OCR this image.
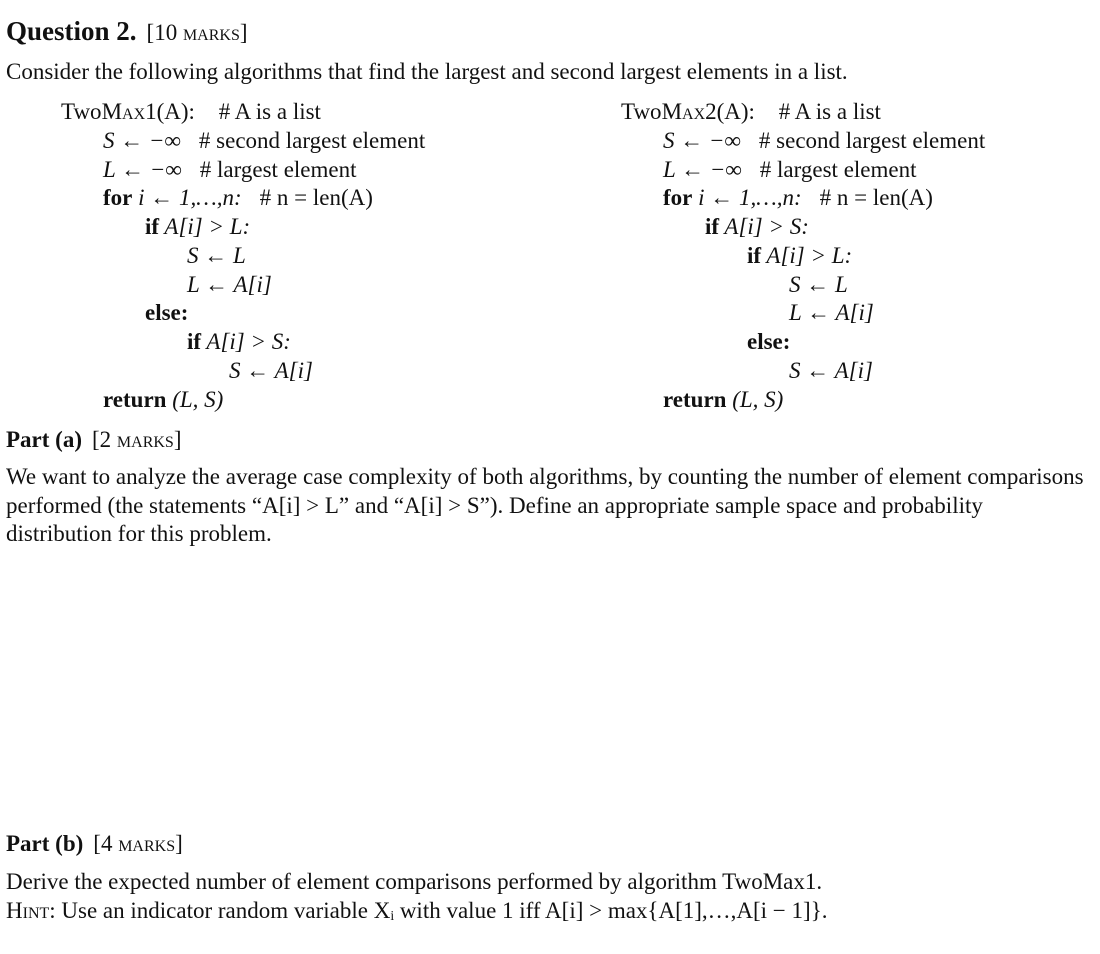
Question 2. [10 marks]
Consider the following algorithms that find the largest and second largest elements in a list.
TwoMax1(A): # A is a list
S ← −∞ # second largest element
L ← −∞ # largest element
for i ← 1,…,n: # n = len(A)
if A[i] > L:
S ← L
L ← A[i]
else:
if A[i] > S:
S ← A[i]
return (L, S)
TwoMax2(A): # A is a list
S ← −∞ # second largest element
L ← −∞ # largest element
for i ← 1,…,n: # n = len(A)
if A[i] > S:
if A[i] > L:
S ← L
L ← A[i]
else:
S ← A[i]
return (L, S)
Part (a) [2 marks]
We want to analyze the average case complexity of both algorithms, by counting the number of element comparisons performed (the statements “A[i] > L” and “A[i] > S”). Define an appropriate sample space and probability distribution for this problem.
Part (b) [4 marks]
Derive the expected number of element comparisons performed by algorithm TwoMax1.
Hint: Use an indicator random variable Xᵢ with value 1 iff A[i] > max{A[1],…,A[i − 1]}.
